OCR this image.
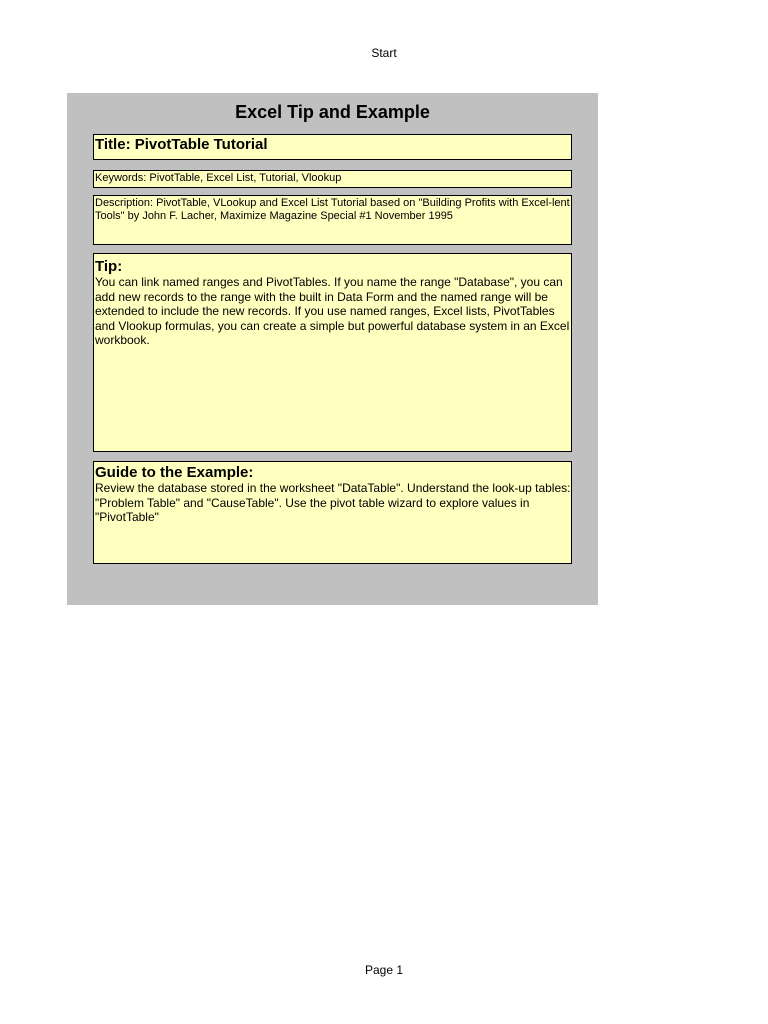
Start
Excel Tip and Example
Title: PivotTable Tutorial
Keywords: PivotTable, Excel List, Tutorial, Vlookup
Description: PivotTable, VLookup and Excel List Tutorial based on "Building Profits with Excel-lent Tools" by John F. Lacher, Maximize Magazine Special #1 November 1995
Tip:
You can link named ranges and PivotTables. If you name the range "Database", you can add new records to the range with the built in Data Form and the named range will be extended to include the new records. If you use named ranges, Excel lists, PivotTables and Vlookup formulas, you can create a simple but powerful database system in an Excel workbook.
Guide to the Example:
Review the database stored in the worksheet "DataTable". Understand the look-up tables: "Problem Table" and "CauseTable". Use the pivot table wizard to explore values in "PivotTable"
Page 1
